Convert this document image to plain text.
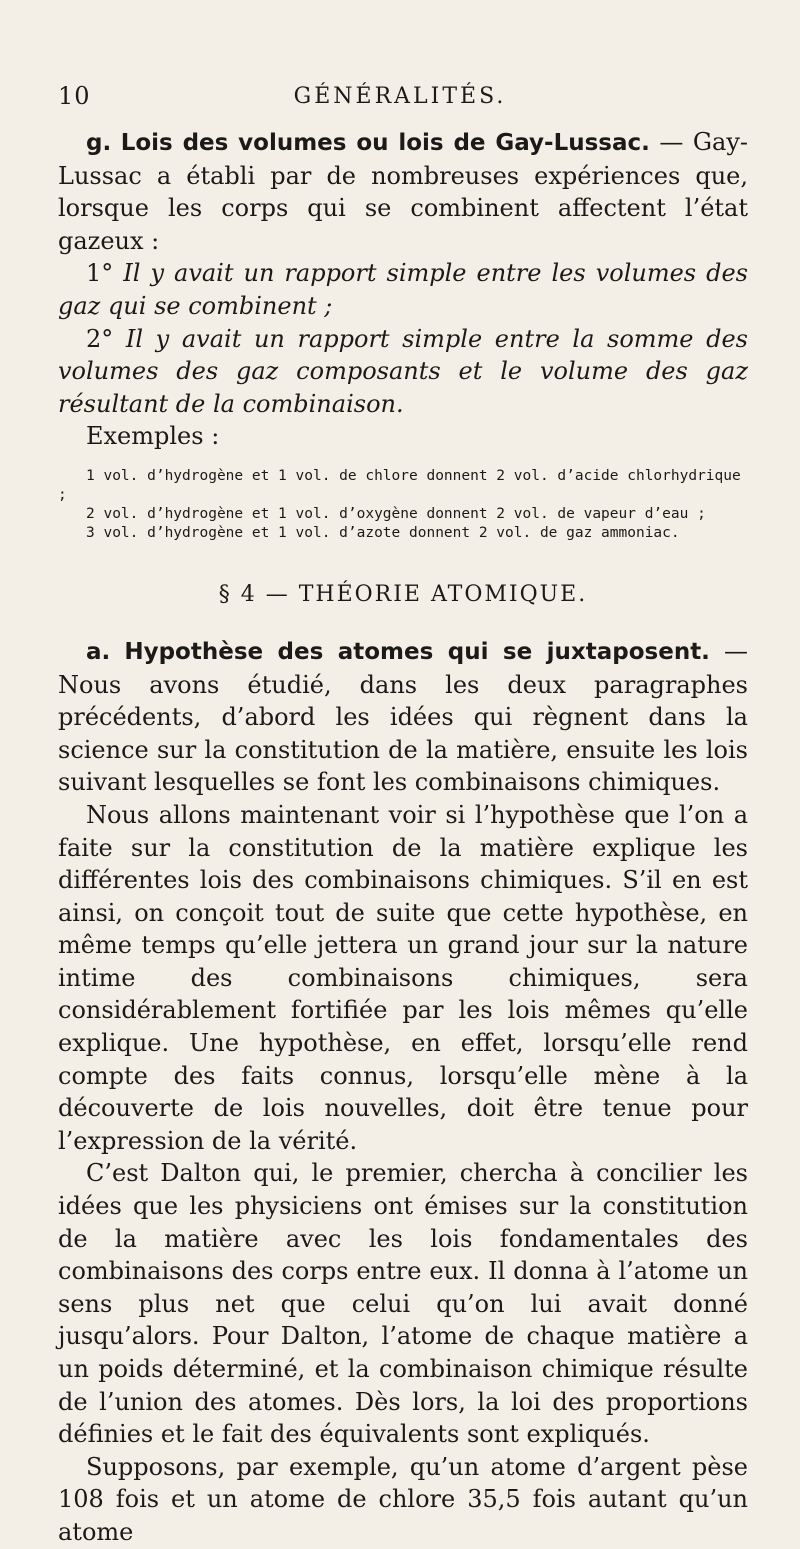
10	GÉNÉRALITÉS.

g. Lois des volumes ou lois de Gay-Lussac. — Gay-Lussac a établi par de nombreuses expériences que, lorsque les corps qui se combinent affectent l’état gazeux :

1° Il y avait un rapport simple entre les volumes des gaz qui se combinent ;

2° Il y avait un rapport simple entre la somme des volumes des gaz composants et le volume des gaz résultant de la combinaison.

Exemples :

1 vol. d’hydrogène et 1 vol. de chlore donnent 2 vol. d’acide chlorhydrique ;

2 vol. d’hydrogène et 1 vol. d’oxygène donnent 2 vol. de vapeur d’eau ;

3 vol. d’hydrogène et 1 vol. d’azote donnent 2 vol. de gaz ammoniac.

§ 4 — THÉORIE ATOMIQUE.

a. Hypothèse des atomes qui se juxtaposent. — Nous avons étudié, dans les deux paragraphes précédents, d’abord les idées qui règnent dans la science sur la constitution de la matière, ensuite les lois suivant lesquelles se font les combinaisons chimiques.

Nous allons maintenant voir si l’hypothèse que l’on a faite sur la constitution de la matière explique les différentes lois des combinaisons chimiques. S’il en est ainsi, on conçoit tout de suite que cette hypothèse, en même temps qu’elle jettera un grand jour sur la nature intime des combinaisons chimiques, sera considérablement fortifiée par les lois mêmes qu’elle explique. Une hypothèse, en effet, lorsqu’elle rend compte des faits connus, lorsqu’elle mène à la découverte de lois nouvelles, doit être tenue pour l’expression de la vérité.

C’est Dalton qui, le premier, chercha à concilier les idées que les physiciens ont émises sur la constitution de la matière avec les lois fondamentales des combinaisons des corps entre eux. Il donna à l’atome un sens plus net que celui qu’on lui avait donné jusqu’alors. Pour Dalton, l’atome de chaque matière a un poids déterminé, et la combinaison chimique résulte de l’union des atomes. Dès lors, la loi des proportions définies et le fait des équivalents sont expliqués.

Supposons, par exemple, qu’un atome d’argent pèse 108 fois et un atome de chlore 35,5 fois autant qu’un atome
